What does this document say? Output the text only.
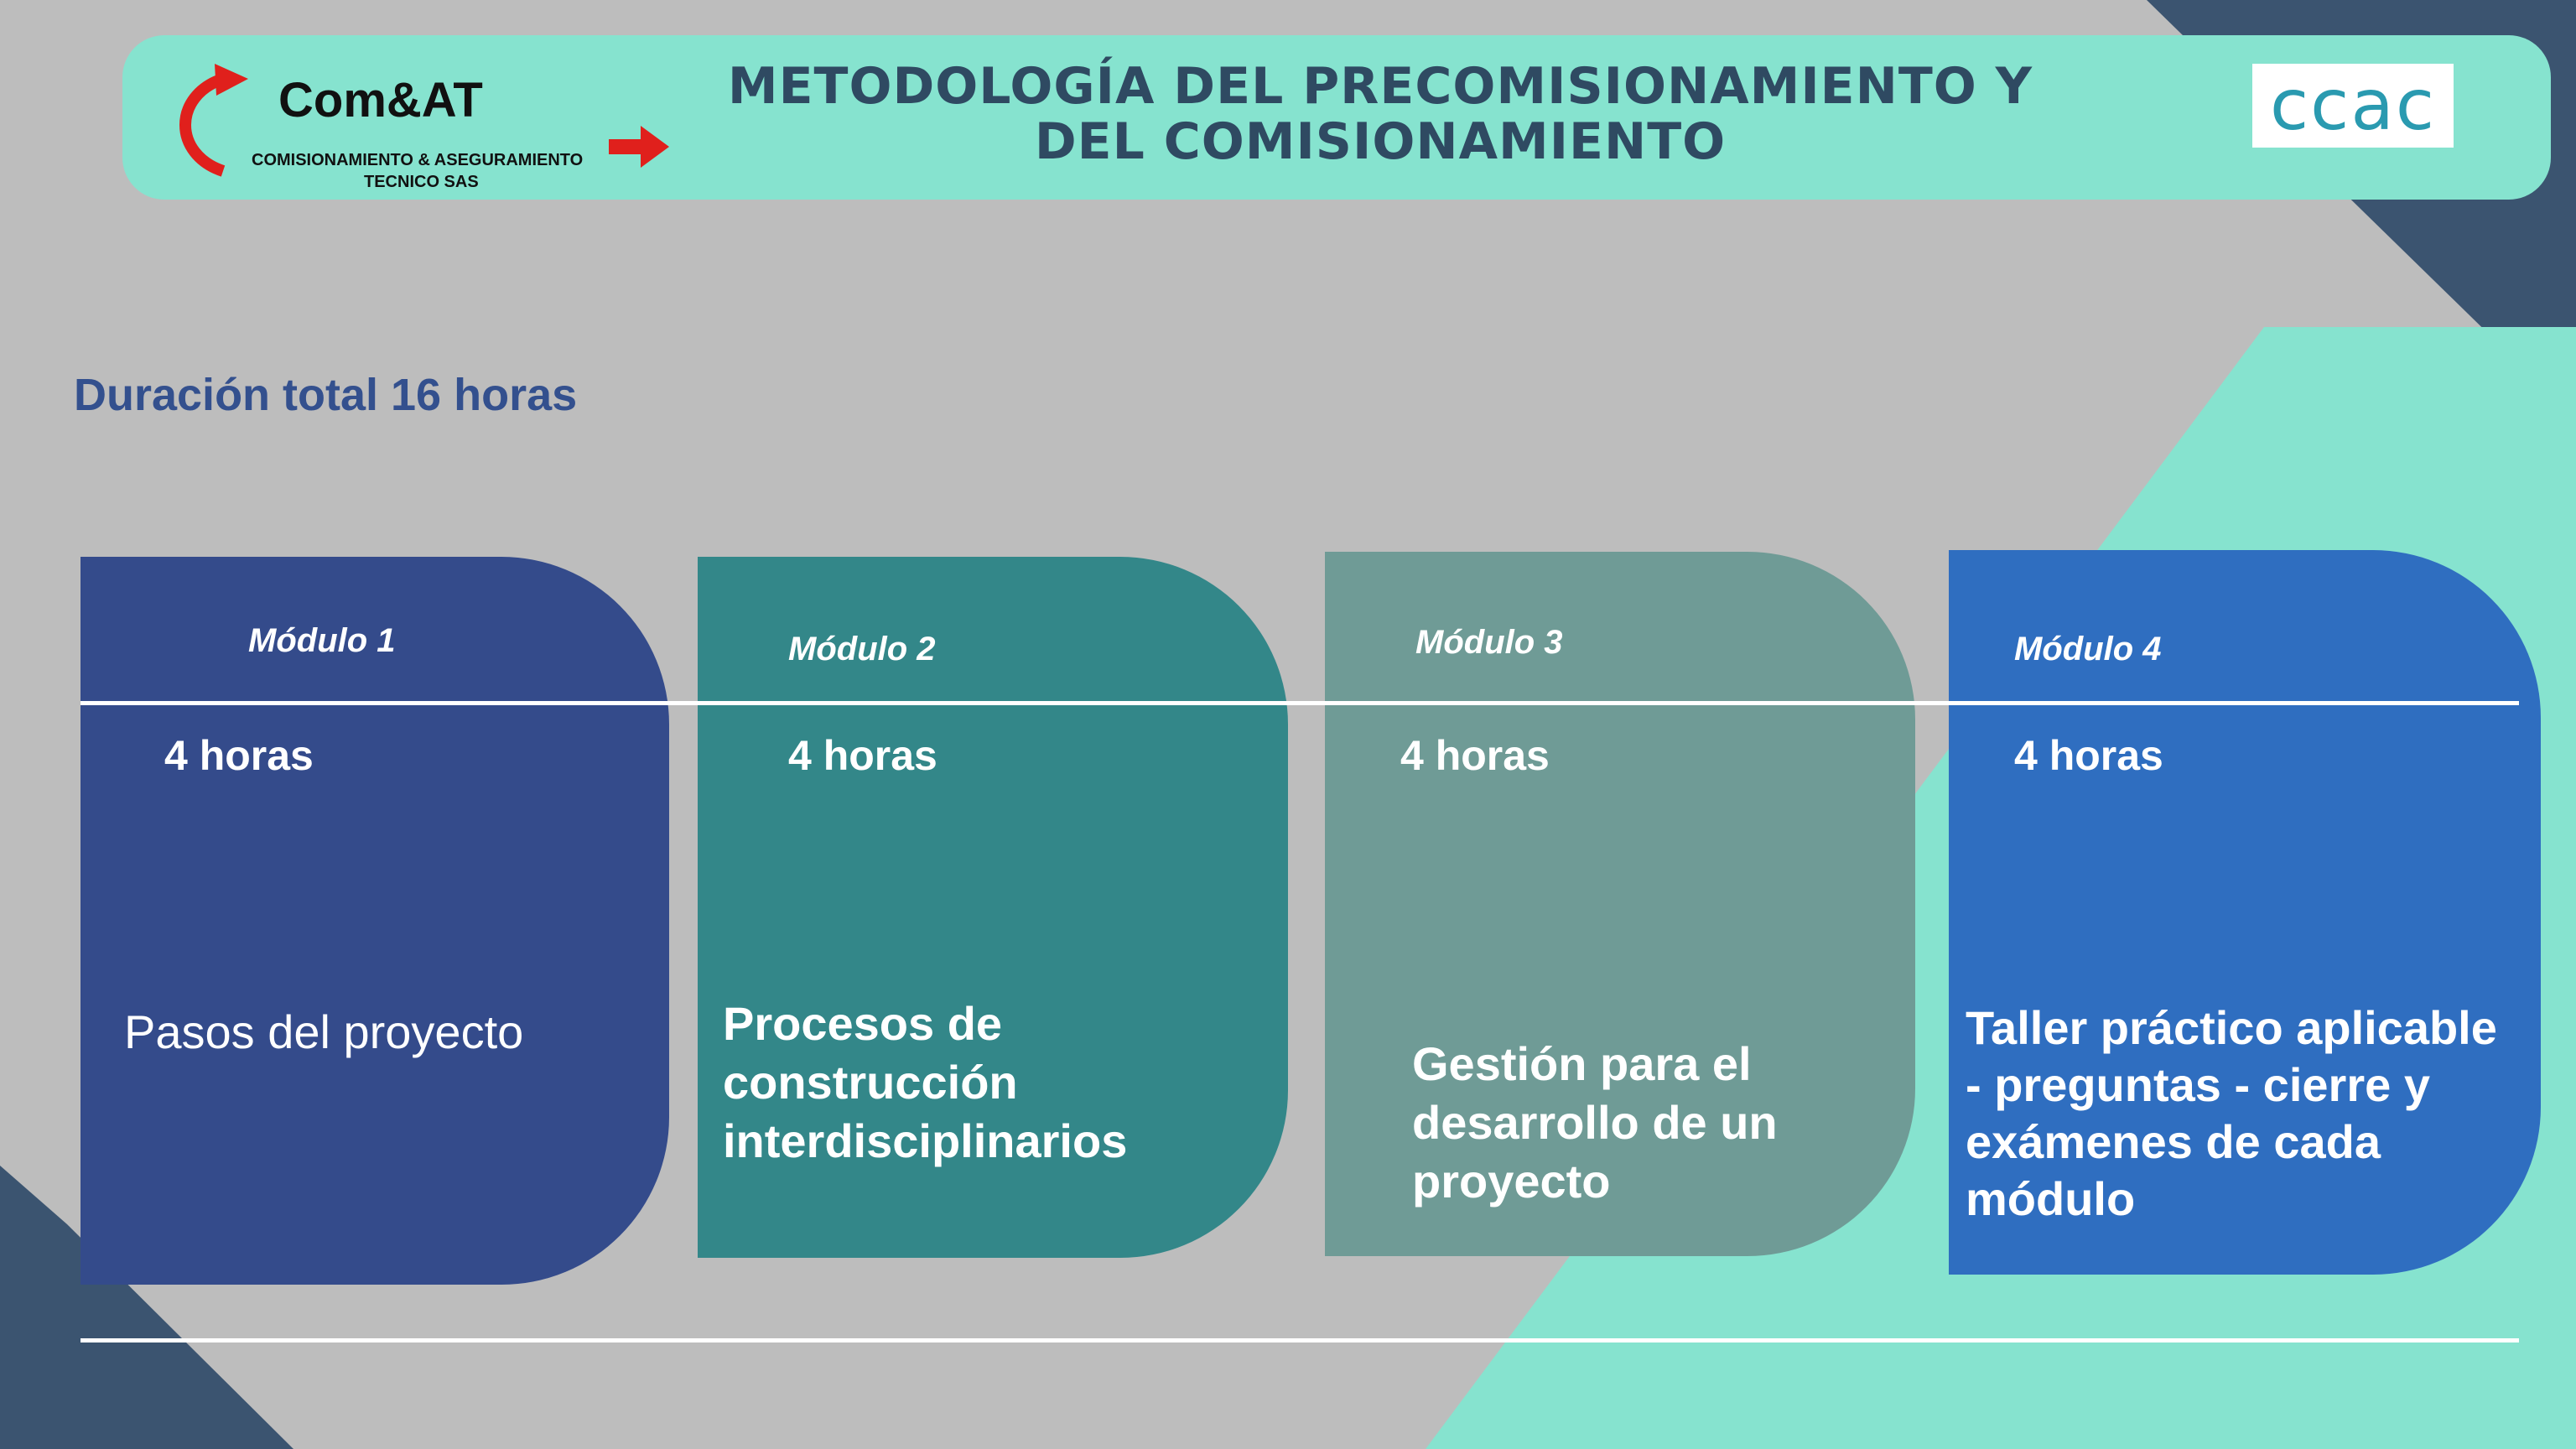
Com&AT
COMISIONAMIENTO & ASEGURAMIENTO
TECNICO SAS
METODOLOGÍA DEL PRECOMISIONAMIENTO Y
DEL COMISIONAMIENTO	ccac
Duración total 16 horas
Módulo 1
4 horas
Pasos del proyecto
Módulo 2
4 horas
Procesos de construcción interdisciplinarios
Módulo 3
4 horas
Gestión para el desarrollo de un proyecto
Módulo 4
4 horas
Taller práctico aplicable - preguntas - cierre y exámenes de cada módulo
